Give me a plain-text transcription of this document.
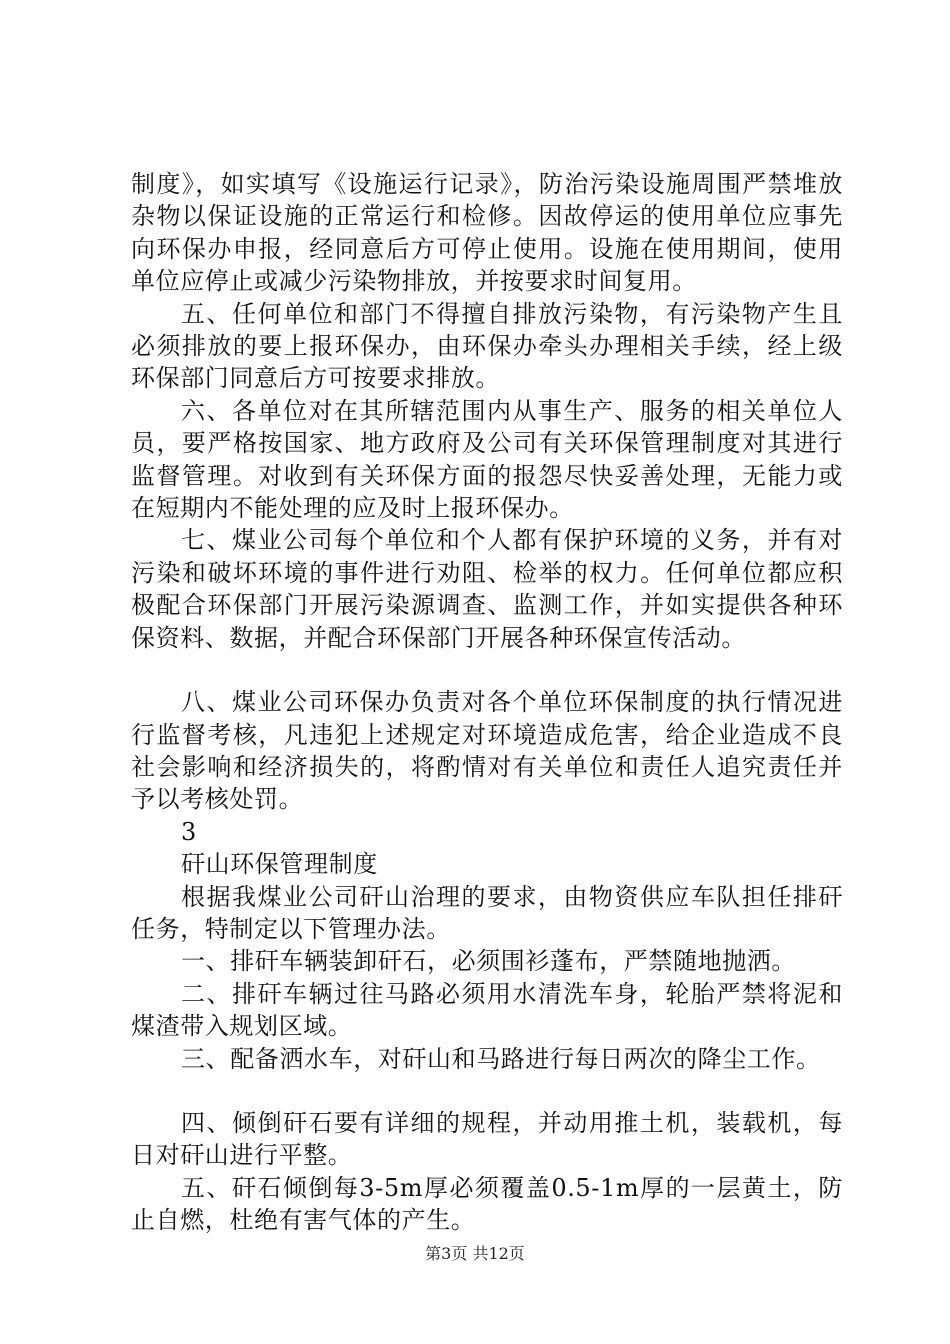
制度》，如实填写《设施运行记录》，防治污染设施周围严禁堆放杂物以保证设施的正常运行和检修。因故停运的使用单位应事先向环保办申报，经同意后方可停止使用。设施在使用期间，使用单位应停止或减少污染物排放，并按要求时间复用。

五、任何单位和部门不得擅自排放污染物，有污染物产生且必须排放的要上报环保办，由环保办牵头办理相关手续，经上级环保部门同意后方可按要求排放。

六、各单位对在其所辖范围内从事生产、服务的相关单位人员，要严格按国家、地方政府及公司有关环保管理制度对其进行监督管理。对收到有关环保方面的报怨尽快妥善处理，无能力或在短期内不能处理的应及时上报环保办。

七、煤业公司每个单位和个人都有保护环境的义务，并有对污染和破坏环境的事件进行劝阻、检举的权力。任何单位都应积极配合环保部门开展污染源调查、监测工作，并如实提供各种环保资料、数据，并配合环保部门开展各种环保宣传活动。

八、煤业公司环保办负责对各个单位环保制度的执行情况进行监督考核，凡违犯上述规定对环境造成危害，给企业造成不良社会影响和经济损失的，将酌情对有关单位和责任人追究责任并予以考核处罚。

3

矸山环保管理制度

根据我煤业公司矸山治理的要求，由物资供应车队担任排矸任务，特制定以下管理办法。

一、排矸车辆装卸矸石，必须围衫蓬布，严禁随地抛洒。

二、排矸车辆过往马路必须用水清洗车身，轮胎严禁将泥和煤渣带入规划区域。

三、配备洒水车，对矸山和马路进行每日两次的降尘工作。

四、倾倒矸石要有详细的规程，并动用推土机，装载机，每日对矸山进行平整。

五、矸石倾倒每3-5m厚必须覆盖0.5-1m厚的一层黄土，防止自燃，杜绝有害气体的产生。

第3页 共12页
